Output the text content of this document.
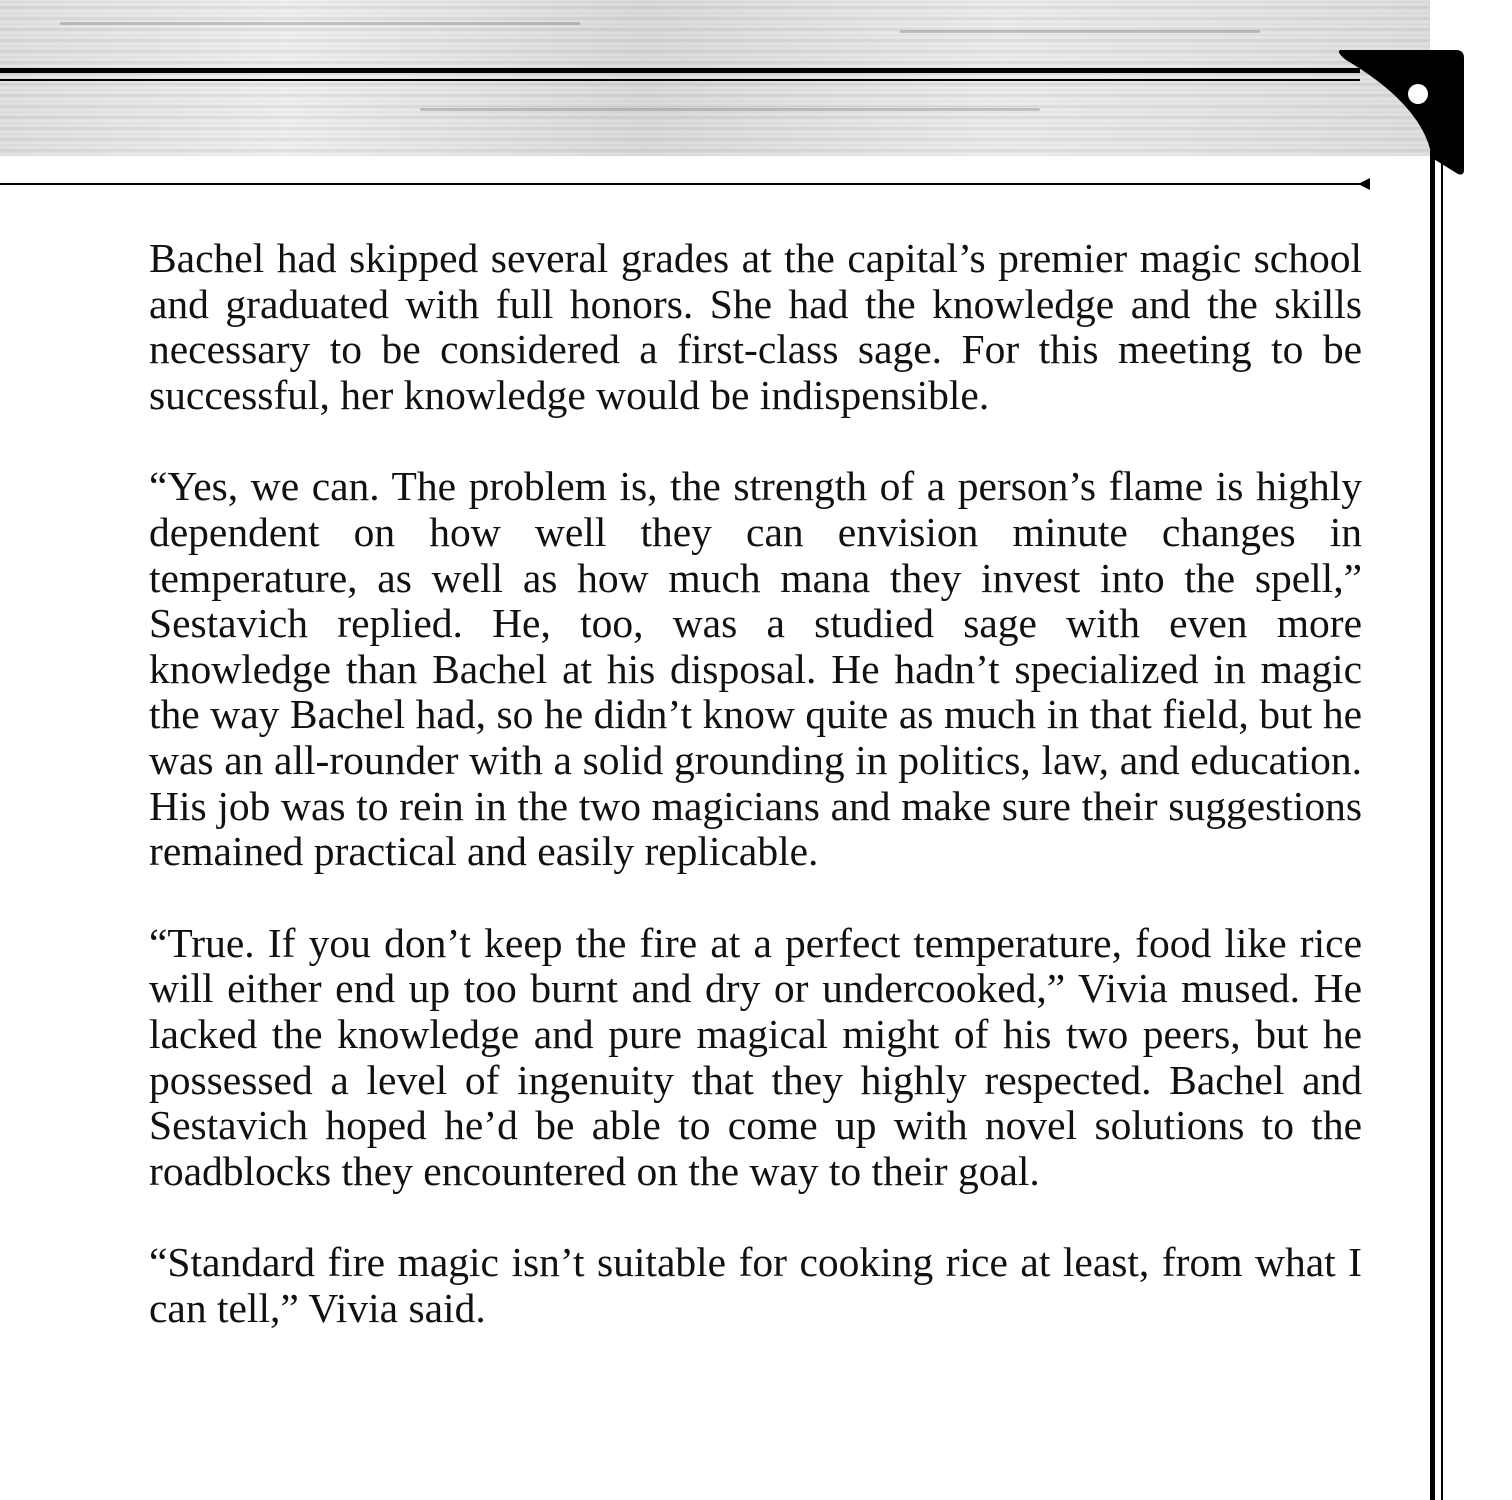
Bachel had skipped several grades at the capital’s premier magic school and graduated with full honors. She had the knowledge and the skills necessary to be considered a first-class sage. For this meeting to be successful, her knowledge would be indispensible.

“Yes, we can. The problem is, the strength of a person’s flame is highly dependent on how well they can envision minute changes in temperature, as well as how much mana they invest into the spell,” Sestavich replied. He, too, was a studied sage with even more knowledge than Bachel at his disposal. He hadn’t specialized in magic the way Bachel had, so he didn’t know quite as much in that field, but he was an all-rounder with a solid grounding in politics, law, and education. His job was to rein in the two magicians and make sure their suggestions remained practical and easily replicable.

“True. If you don’t keep the fire at a perfect temperature, food like rice will either end up too burnt and dry or undercooked,” Vivia mused. He lacked the knowledge and pure magical might of his two peers, but he possessed a level of ingenuity that they highly respected. Bachel and Sestavich hoped he’d be able to come up with novel solutions to the roadblocks they encountered on the way to their goal.

“Standard fire magic isn’t suitable for cooking rice at least, from what I can tell,” Vivia said.
